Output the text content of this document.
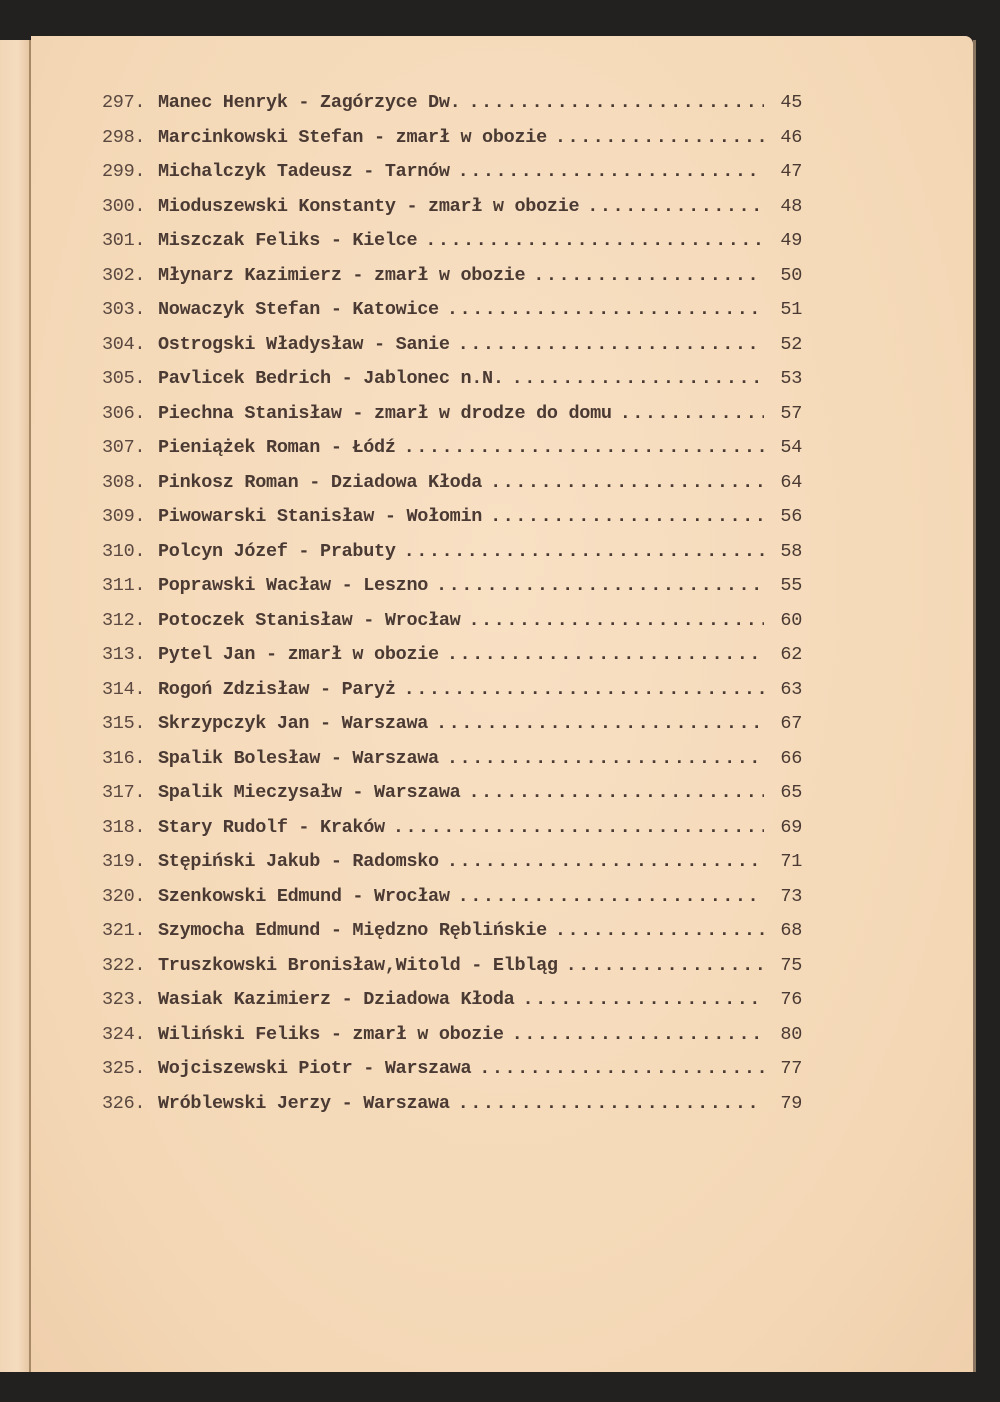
297. Manec Henryk - Zagórzyce Dw. .....	45
298. Marcinkowski Stefan - zmarł w obozie .....	46
299. Michalczyk Tadeusz - Tarnów .....	47
300. Mioduszewski Konstanty - zmarł w obozie .....	48
301. Miszczak Feliks - Kielce .....	49
302. Młynarz Kazimierz - zmarł w obozie .....	50
303. Nowaczyk Stefan - Katowice .....	51
304. Ostrogski Władysław - Sanie .....	52
305. Pavlicek Bedrich - Jablonec n.N. .....	53
306. Piechna Stanisław - zmarł w drodze do domu .....	57
307. Pieniążek Roman - Łódź .....	54
308. Pinkosz Roman - Dziadowa Kłoda .....	64
309. Piwowarski Stanisław - Wołomin .....	56
310. Polcyn Józef - Prabuty .....	58
311. Poprawski Wacław - Leszno .....	55
312. Potoczek Stanisław - Wrocław .....	60
313. Pytel Jan - zmarł w obozie .....	62
314. Rogoń Zdzisław - Paryż .....	63
315. Skrzypczyk Jan - Warszawa .....	67
316. Spalik Bolesław - Warszawa .....	66
317. Spalik Mieczysałw - Warszawa .....	65
318. Stary Rudolf - Kraków .....	69
319. Stępiński Jakub - Radomsko .....	71
320. Szenkowski Edmund - Wrocław .....	73
321. Szymocha Edmund - Międzno Ręblińskie .....	68
322. Truszkowski Bronisław,Witold - Elbląg .....	75
323. Wasiak Kazimierz - Dziadowa Kłoda .....	76
324. Wiliński Feliks - zmarł w obozie .....	80
325. Wojciszewski Piotr - Warszawa .....	77
326. Wróblewski Jerzy - Warszawa .....	79
